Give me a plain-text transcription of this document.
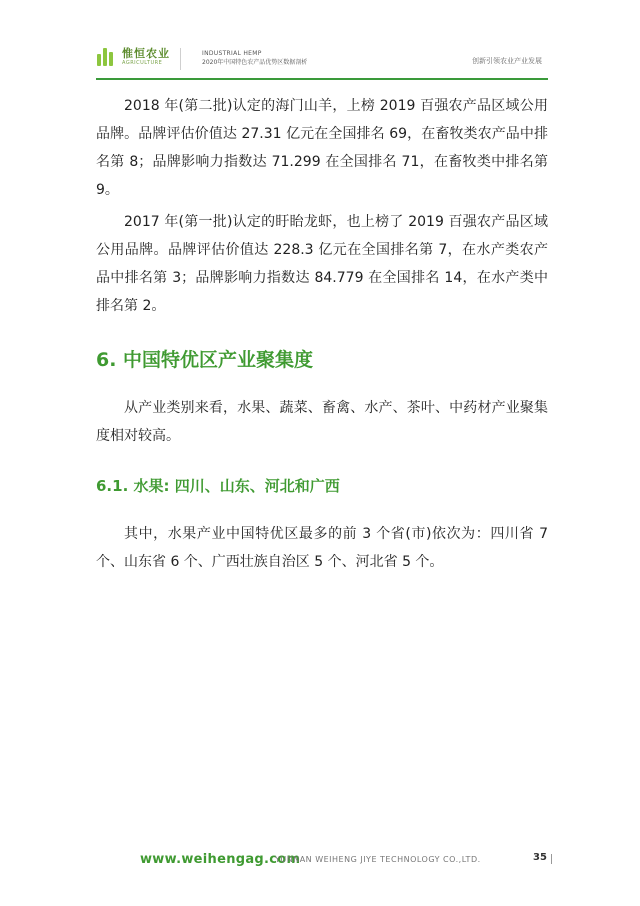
惟恒农业
AGRICULTURE
INDUSTRIAL HEMP
2020年中国特色农产品优势区数据剖析	创新引领农业产业发展

2018 年(第二批)认定的海门山羊，上榜 2019 百强农产品区域公用品牌。品牌评估价值达 27.31 亿元在全国排名 69，在畜牧类农产品中排名第 8；品牌影响力指数达 71.299 在全国排名 71，在畜牧类中排名第 9。

2017 年(第一批)认定的盱眙龙虾，也上榜了 2019 百强农产品区域公用品牌。品牌评估价值达 228.3 亿元在全国排名第 7，在水产类农产品中排名第 3；品牌影响力指数达 84.779 在全国排名 14，在水产类中排名第 2。

6. 中国特优区产业聚集度

从产业类别来看，水果、蔬菜、畜禽、水产、茶叶、中药材产业聚集度相对较高。

6.1. 水果: 四川、山东、河北和广西

其中，水果产业中国特优区最多的前 3 个省(市)依次为：四川省 7 个、山东省 6 个、广西壮族自治区 5 个、河北省 5 个。

www.weihengag.com
YUNNAN WEIHENG JIYE TECHNOLOGY CO.,LTD.	35
